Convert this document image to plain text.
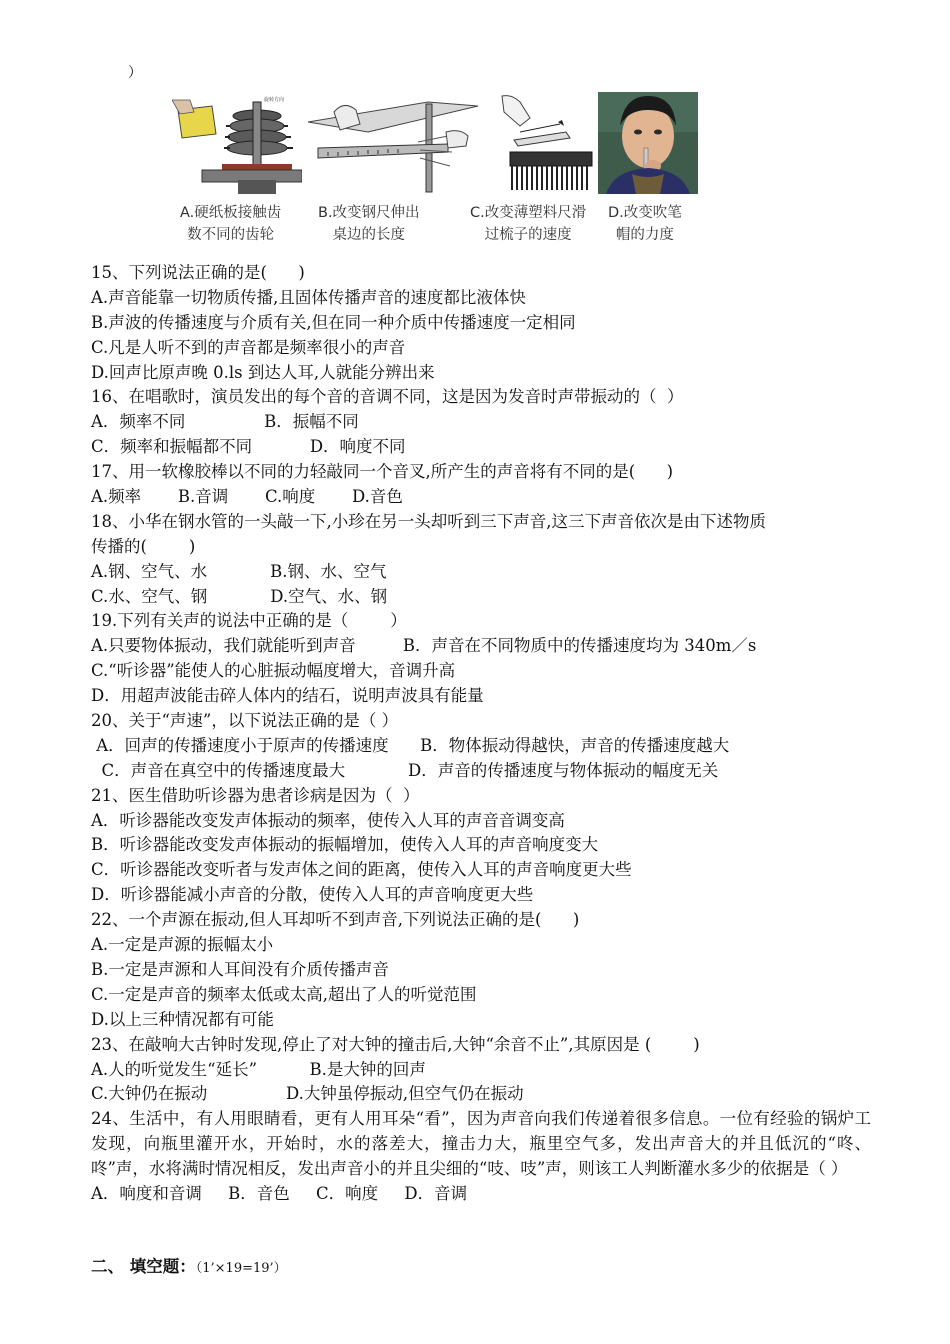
）
旋转方向
A.硬纸板接触齿
数不同的齿轮
B.改变钢尺伸出
桌边的长度
C.改变薄塑料尺滑
过梳子的速度
D.改变吹笔
帽的力度
15、下列说法正确的是(      )
A.声音能靠一切物质传播,且固体传播声音的速度都比液体快
B.声波的传播速度与介质有关,但在同一种介质中传播速度一定相同
C.凡是人听不到的声音都是频率很小的声音
D.回声比原声晚 0.ls 到达人耳,人就能分辨出来
16、在唱歌时，演员发出的每个音的音调不同，这是因为发音时声带振动的（  ）
A．频率不同               B．振幅不同
C．频率和振幅都不同           D．响度不同
17、用一软橡胶棒以不同的力轻敲同一个音叉,所产生的声音将有不同的是(      )
A.频率       B.音调       C.响度       D.音色
18、小华在钢水管的一头敲一下,小珍在另一头却听到三下声音,这三下声音依次是由下述物质
传播的(        )
A.钢、空气、水            B.钢、水、空气
C.水、空气、钢            D.空气、水、钢
19.下列有关声的说法中正确的是（        ）
A.只要物体振动，我们就能听到声音         B．声音在不同物质中的传播速度均为 340m／s
C.“听诊器”能使人的心脏振动幅度增大，音调升高
D．用超声波能击碎人体内的结石，说明声波具有能量
20、关于“声速”，以下说法正确的是（ ）
A．回声的传播速度小于原声的传播速度      B．物体振动得越快，声音的传播速度越大
C．声音在真空中的传播速度最大            D．声音的传播速度与物体振动的幅度无关
21、医生借助听诊器为患者诊病是因为（  ）
A．听诊器能改变发声体振动的频率，使传入人耳的声音音调变高
B．听诊器能改变发声体振动的振幅增加，使传入人耳的声音响度变大
C．听诊器能改变听者与发声体之间的距离，使传入人耳的声音响度更大些
D．听诊器能减小声音的分散，使传入人耳的声音响度更大些
22、一个声源在振动,但人耳却听不到声音,下列说法正确的是(      )
A.一定是声源的振幅太小
B.一定是声源和人耳间没有介质传播声音
C.一定是声音的频率太低或太高,超出了人的听觉范围
D.以上三种情况都有可能
23、在敲响大古钟时发现,停止了对大钟的撞击后,大钟“余音不止”,其原因是 (        )
A.人的听觉发生“延长”          B.是大钟的回声
C.大钟仍在振动               D.大钟虽停振动,但空气仍在振动
24、生活中，有人用眼睛看，更有人用耳朵“看”，因为声音向我们传递着很多信息。一位有经验的锅炉工发现，向瓶里灌开水，开始时，水的落差大，撞击力大，瓶里空气多，发出声音大的并且低沉的“咚、咚”声，水将满时情况相反，发出声音小的并且尖细的“吱、吱”声，则该工人判断灌水多少的依据是（ ）
A．响度和音调     B．音色     C．响度     D．音调
二、 填空题：（1’×19=19’）
